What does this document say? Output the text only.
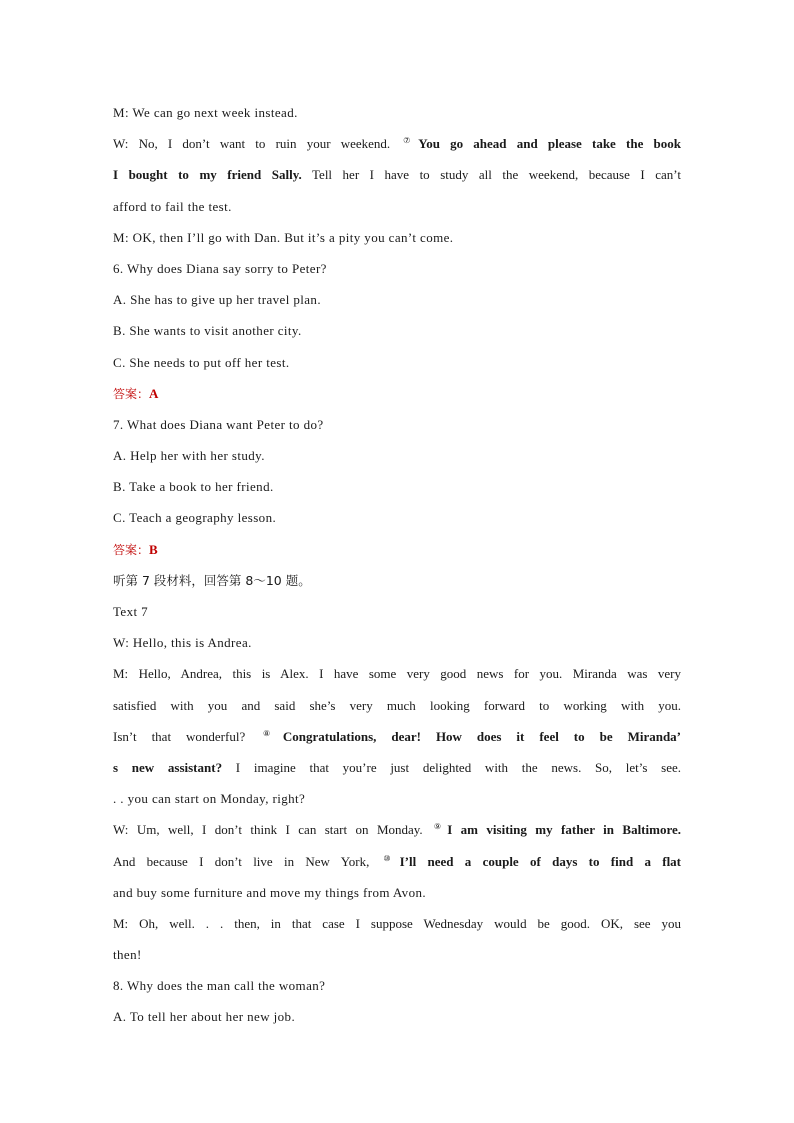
M: We can go next week instead.
W: No, I don’t want to ruin your weekend. ⑦You go ahead and please take the book
I bought to my friend Sally. Tell her I have to study all the weekend, because I can’t
afford to fail the test.
M: OK, then I’ll go with Dan. But it’s a pity you can’t come.
6. Why does Diana say sorry to Peter?
A. She has to give up her travel plan.
B. She wants to visit another city.
C. She needs to put off her test.
答案：A
7. What does Diana want Peter to do?
A. Help her with her study.
B. Take a book to her friend.
C. Teach a geography lesson.
答案：B
听第 7 段材料，回答第 8～10 题。
Text 7
W: Hello, this is Andrea.
M: Hello, Andrea, this is Alex. I have some very good news for you. Miranda was very
satisfied with you and said she’s very much looking forward to working with you.
Isn’t that wonderful? ⑧Congratulations, dear! How does it feel to be Miranda’
s new assistant? I imagine that you’re just delighted with the news. So, let’s see.
. . you can start on Monday, right?
W: Um, well, I don’t think I can start on Monday. ⑨I am visiting my father in Baltimore.
And because I don’t live in New York, ⑩I’ll need a couple of days to find a flat
and buy some furniture and move my things from Avon.
M: Oh, well. . . then, in that case I suppose Wednesday would be good. OK, see you
then!
8. Why does the man call the woman?
A. To tell her about her new job.
